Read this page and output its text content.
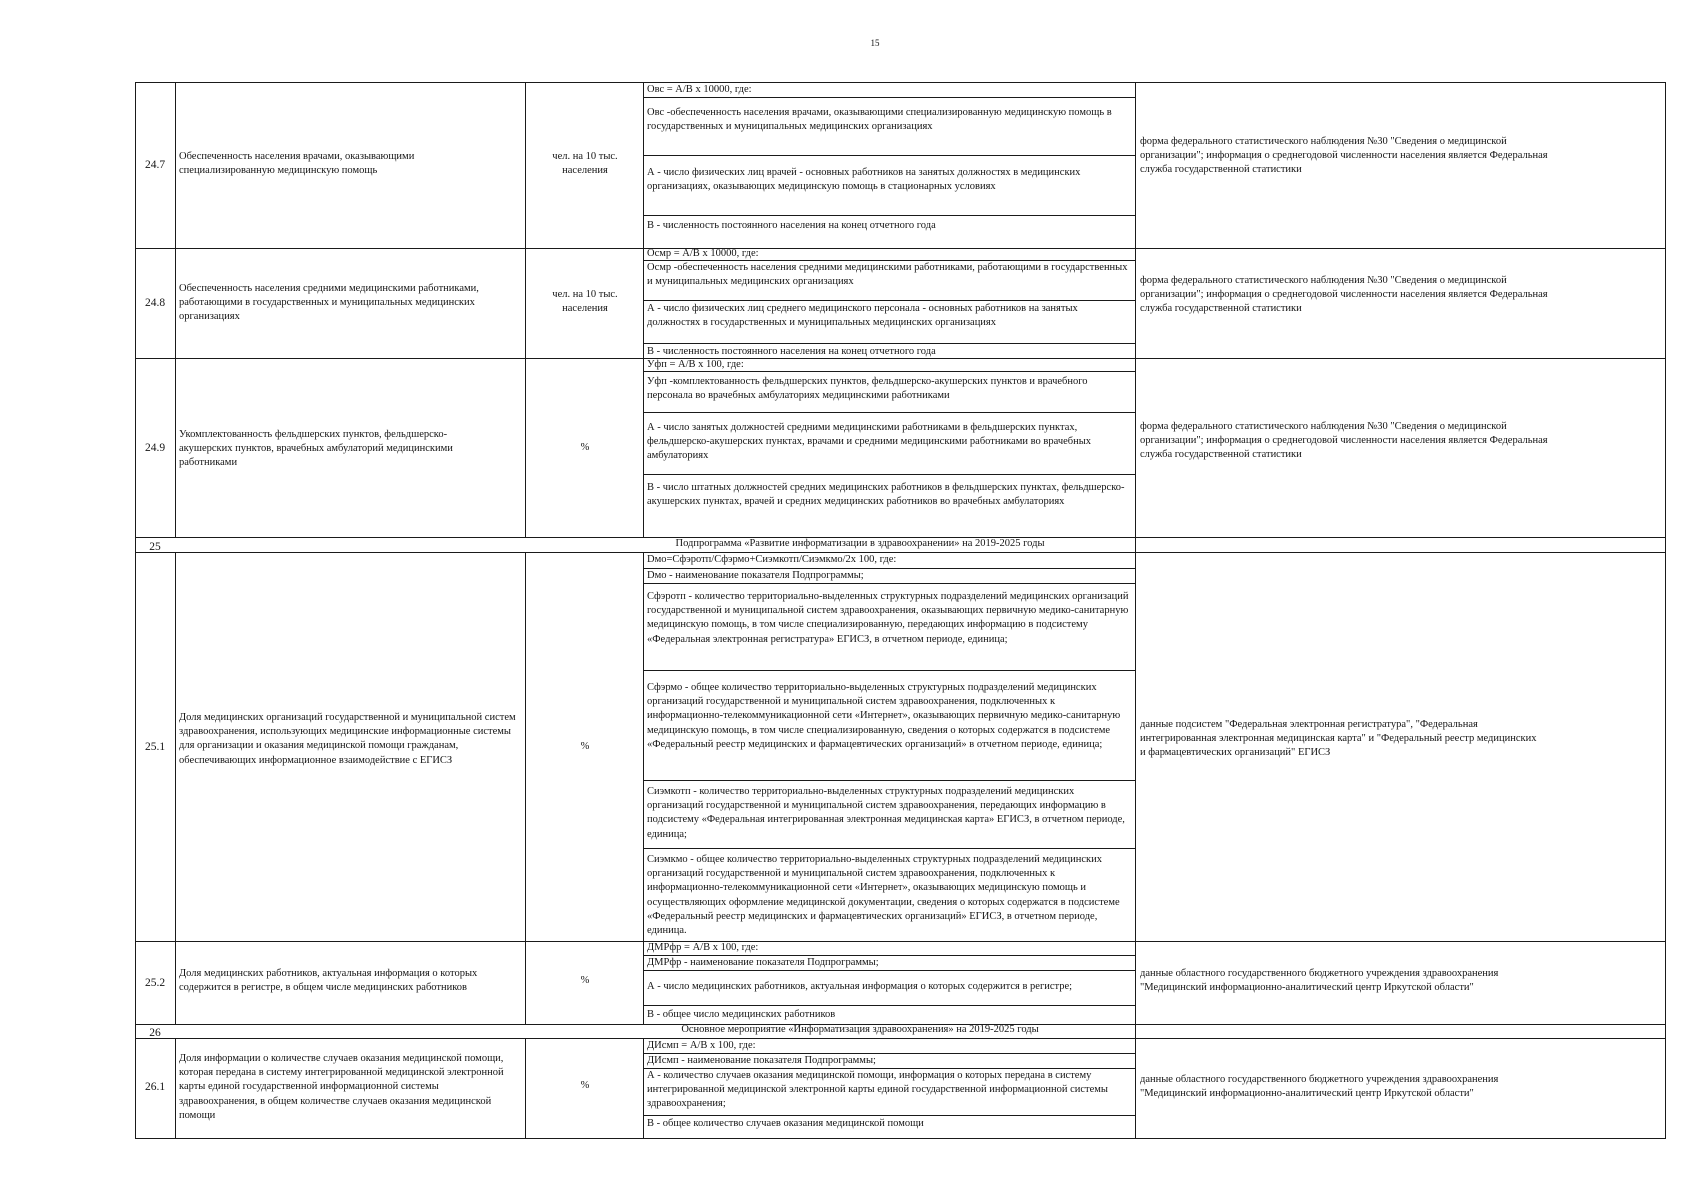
15
24.7
Обеспеченность населения врачами, оказывающими специализированную медицинскую помощь
чел. на 10 тыс. населения
Овс = А/В х 10000, где:
Овс -обеспеченность населения врачами, оказывающими специализированную медицинскую помощь в государственных и муниципальных медицинских организациях
А - число физических лиц врачей - основных работников на занятых должностях в медицинских организациях, оказывающих медицинскую помощь в стационарных условиях
В - численность постоянного населения на конец отчетного года
форма федерального статистического наблюдения №30 "Сведения о медицинской организации"; информация о среднегодовой численности населения является Федеральная служба государственной статистики
24.8
Обеспеченность населения средними медицинскими работниками, работающими в государственных и муниципальных медицинских организациях
чел. на 10 тыс. населения
Осмр = А/В х 10000, где:
Осмр -обеспеченность населения средними медицинскими работниками, работающими в государственных и муниципальных медицинских организациях
А - число физических лиц среднего медицинского персонала - основных работников на занятых должностях в государственных и муниципальных медицинских организациях
В - численность постоянного населения на конец отчетного года
форма федерального статистического наблюдения №30 "Сведения о медицинской организации"; информация о среднегодовой численности населения является Федеральная служба государственной статистики
24.9
Укомплектованность фельдшерских пунктов, фельдшерско-акушерских пунктов, врачебных амбулаторий медицинскими работниками
%
Уфп = А/В х 100, где:
Уфп -комплектованность фельдшерских пунктов, фельдшерско-акушерских пунктов и врачебного персонала во врачебных амбулаториях медицинскими работниками
А - число занятых должностей средними медицинскими работниками в фельдшерских пунктах, фельдшерско-акушерских пунктах, врачами и средними медицинскими работниками во врачебных амбулаториях
В - число штатных должностей средних медицинских работников в фельдшерских пунктах, фельдшерско-акушерских пунктах, врачей и средних медицинских работников во врачебных амбулаториях
форма федерального статистического наблюдения №30 "Сведения о медицинской организации"; информация о среднегодовой численности населения является Федеральная служба государственной статистики
25	Подпрограмма «Развитие информатизации в здравоохранении» на 2019-2025 годы
25.1
Доля медицинских организаций государственной и муниципальной систем здравоохранения, использующих медицинские информационные системы для организации и оказания медицинской помощи гражданам, обеспечивающих информационное взаимодействие с ЕГИСЗ
%
Dмо=Сфэротп/Сфэрмо+Сиэмкотп/Сиэмкмо/2х 100, где:
Dмо - наименование показателя Подпрограммы;
Сфэротп - количество территориально-выделенных структурных подразделений медицинских организаций государственной и муниципальной систем здравоохранения, оказывающих первичную медико-санитарную медицинскую помощь, в том числе специализированную, передающих информацию в подсистему «Федеральная электронная регистратура» ЕГИСЗ, в отчетном периоде, единица;
Сфэрмо - общее количество территориально-выделенных структурных подразделений медицинских организаций государственной и муниципальной систем здравоохранения, подключенных к информационно-телекоммуникационной сети «Интернет», оказывающих первичную медико-санитарную медицинскую помощь, в том числе специализированную, сведения о которых содержатся в подсистеме «Федеральный реестр медицинских и фармацевтических организаций» в отчетном периоде, единица;
Сиэмкотп - количество территориально-выделенных структурных подразделений медицинских организаций государственной и муниципальной систем здравоохранения, передающих информацию в подсистему «Федеральная интегрированная электронная медицинская карта» ЕГИСЗ, в отчетном периоде, единица;
Сиэмкмо - общее количество территориально-выделенных структурных подразделений медицинских организаций государственной и муниципальной систем здравоохранения, подключенных к информационно-телекоммуникационной сети «Интернет», оказывающих медицинскую помощь и осуществляющих оформление медицинской документации, сведения о которых содержатся в подсистеме «Федеральный реестр медицинских и фармацевтических организаций» ЕГИСЗ, в отчетном периоде, единица.
данные подсистем "Федеральная электронная регистратура", "Федеральная интегрированная электронная медицинская карта" и "Федеральный реестр медицинских и фармацевтических организаций" ЕГИСЗ
25.2
Доля медицинских работников, актуальная информация о которых содержится в регистре, в общем числе медицинских работников
%
ДМРфр = А/В х 100, где:
ДМРфр - наименование показателя Подпрограммы;
А - число медицинских работников, актуальная информация о которых содержится в регистре;
В - общее число медицинских работников
данные областного государственного бюджетного учреждения здравоохранения "Медицинский информационно-аналитический центр Иркутской области"
26	Основное мероприятие «Информатизация здравоохранения» на 2019-2025 годы
26.1
Доля информации о количестве случаев оказания медицинской помощи, которая передана в систему интегрированной медицинской электронной карты единой государственной информационной системы здравоохранения, в общем количестве случаев оказания медицинской помощи
%
ДИсмп = А/В х 100, где:
ДИсмп - наименование показателя Подпрограммы;
А - количество случаев оказания медицинской помощи, информация о которых передана в систему интегрированной медицинской электронной карты единой государственной информационной системы здравоохранения;
В - общее количество случаев оказания медицинской помощи
данные областного государственного бюджетного учреждения здравоохранения "Медицинский информационно-аналитический центр Иркутской области"
